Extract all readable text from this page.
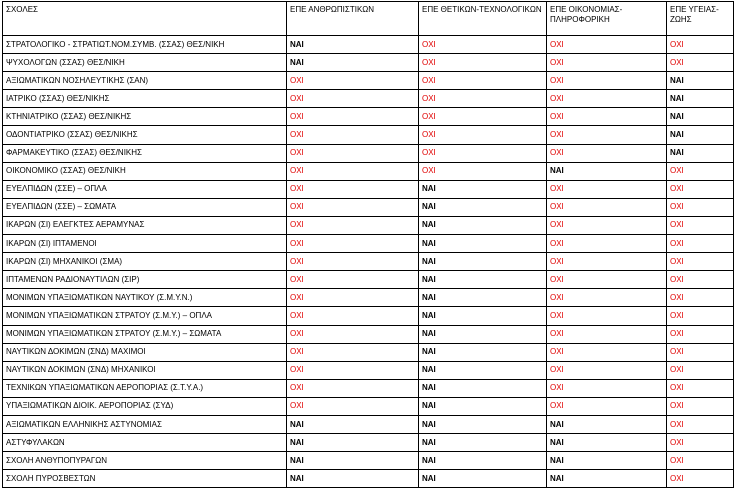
ΣΧΟΛΕΣ	ΕΠΕ ΑΝΘΡΩΠΙΣΤΙΚΩΝ	ΕΠΕ ΘΕΤΙΚΩΝ-ΤΕΧΝΟΛΟΓΙΚΩΝ	ΕΠΕ ΟΙΚΟΝΟΜΙΑΣ-ΠΛΗΡΟΦΟΡΙΚΗ	ΕΠΕ ΥΓΕΙΑΣ-ΖΩΗΣ
ΣΤΡΑΤΟΛΟΓΙΚΟ - ΣΤΡΑΤΙΩΤ.ΝΟΜ.ΣΥΜΒ. (ΣΣΑΣ) ΘΕΣ/ΝΙΚΗ	ΝΑΙ	ΟΧΙ	ΟΧΙ	ΟΧΙ
ΨΥΧΟΛΟΓΩΝ (ΣΣΑΣ) ΘΕΣ/ΝΙΚΗ	ΝΑΙ	ΟΧΙ	ΟΧΙ	ΟΧΙ
ΑΞΙΩΜΑΤΙΚΩΝ ΝΟΣΗΛΕΥΤΙΚΗΣ (ΣΑΝ)	ΟΧΙ	ΟΧΙ	ΟΧΙ	ΝΑΙ
ΙΑΤΡΙΚΟ (ΣΣΑΣ) ΘΕΣ/ΝΙΚΗΣ	ΟΧΙ	ΟΧΙ	ΟΧΙ	ΝΑΙ
ΚΤΗΝΙΑΤΡΙΚΟ (ΣΣΑΣ) ΘΕΣ/ΝΙΚΗΣ	ΟΧΙ	ΟΧΙ	ΟΧΙ	ΝΑΙ
ΟΔΟΝΤΙΑΤΡΙΚΟ (ΣΣΑΣ) ΘΕΣ/ΝΙΚΗΣ	ΟΧΙ	ΟΧΙ	ΟΧΙ	ΝΑΙ
ΦΑΡΜΑΚΕΥΤΙΚΟ (ΣΣΑΣ) ΘΕΣ/ΝΙΚΗΣ	ΟΧΙ	ΟΧΙ	ΟΧΙ	ΝΑΙ
ΟΙΚΟΝΟΜΙΚΟ (ΣΣΑΣ) ΘΕΣ/ΝΙΚΗ	ΟΧΙ	ΟΧΙ	ΝΑΙ	ΟΧΙ
ΕΥΕΛΠΙΔΩΝ (ΣΣΕ) – ΟΠΛΑ	ΟΧΙ	ΝΑΙ	ΟΧΙ	ΟΧΙ
ΕΥΕΛΠΙΔΩΝ (ΣΣΕ) – ΣΩΜΑΤΑ	ΟΧΙ	ΝΑΙ	ΟΧΙ	ΟΧΙ
ΙΚΑΡΩΝ (ΣΙ) ΕΛΕΓΚΤΕΣ ΑΕΡΑΜΥΝΑΣ	ΟΧΙ	ΝΑΙ	ΟΧΙ	ΟΧΙ
ΙΚΑΡΩΝ (ΣΙ) ΙΠΤΑΜΕΝΟΙ	ΟΧΙ	ΝΑΙ	ΟΧΙ	ΟΧΙ
ΙΚΑΡΩΝ (ΣΙ) ΜΗΧΑΝΙΚΟΙ (ΣΜΑ)	ΟΧΙ	ΝΑΙ	ΟΧΙ	ΟΧΙ
ΙΠΤΑΜΕΝΩΝ ΡΑΔΙΟΝΑΥΤΙΛΩΝ (ΣΙΡ)	ΟΧΙ	ΝΑΙ	ΟΧΙ	ΟΧΙ
ΜΟΝΙΜΩΝ ΥΠΑΞΙΩΜΑΤΙΚΩΝ ΝΑΥΤΙΚΟΥ (Σ.Μ.Υ.Ν.)	ΟΧΙ	ΝΑΙ	ΟΧΙ	ΟΧΙ
ΜΟΝΙΜΩΝ ΥΠΑΞΙΩΜΑΤΙΚΩΝ ΣΤΡΑΤΟΥ (Σ.Μ.Υ.) – ΟΠΛΑ	ΟΧΙ	ΝΑΙ	ΟΧΙ	ΟΧΙ
ΜΟΝΙΜΩΝ ΥΠΑΞΙΩΜΑΤΙΚΩΝ ΣΤΡΑΤΟΥ (Σ.Μ.Υ.) – ΣΩΜΑΤΑ	ΟΧΙ	ΝΑΙ	ΟΧΙ	ΟΧΙ
ΝΑΥΤΙΚΩΝ ΔΟΚΙΜΩΝ (ΣΝΔ) ΜΑΧΙΜΟΙ	ΟΧΙ	ΝΑΙ	ΟΧΙ	ΟΧΙ
ΝΑΥΤΙΚΩΝ ΔΟΚΙΜΩΝ (ΣΝΔ) ΜΗΧΑΝΙΚΟΙ	ΟΧΙ	ΝΑΙ	ΟΧΙ	ΟΧΙ
ΤΕΧΝΙΚΩΝ ΥΠΑΞΙΩΜΑΤΙΚΩΝ ΑΕΡΟΠΟΡΙΑΣ (Σ.Τ.Υ.Α.)	ΟΧΙ	ΝΑΙ	ΟΧΙ	ΟΧΙ
ΥΠΑΞΙΩΜΑΤΙΚΩΝ ΔΙΟΙΚ. ΑΕΡΟΠΟΡΙΑΣ (ΣΥΔ)	ΟΧΙ	ΝΑΙ	ΟΧΙ	ΟΧΙ
ΑΞΙΩΜΑΤΙΚΩΝ ΕΛΛΗΝΙΚΗΣ ΑΣΤΥΝΟΜΙΑΣ	ΝΑΙ	ΝΑΙ	ΝΑΙ	ΟΧΙ
ΑΣΤΥΦΥΛΑΚΩΝ	ΝΑΙ	ΝΑΙ	ΝΑΙ	ΟΧΙ
ΣΧΟΛΗ ΑΝΘΥΠΟΠΥΡΑΓΩΝ	ΝΑΙ	ΝΑΙ	ΝΑΙ	ΟΧΙ
ΣΧΟΛΗ ΠΥΡΟΣΒΕΣΤΩΝ	ΝΑΙ	ΝΑΙ	ΝΑΙ	ΟΧΙ
